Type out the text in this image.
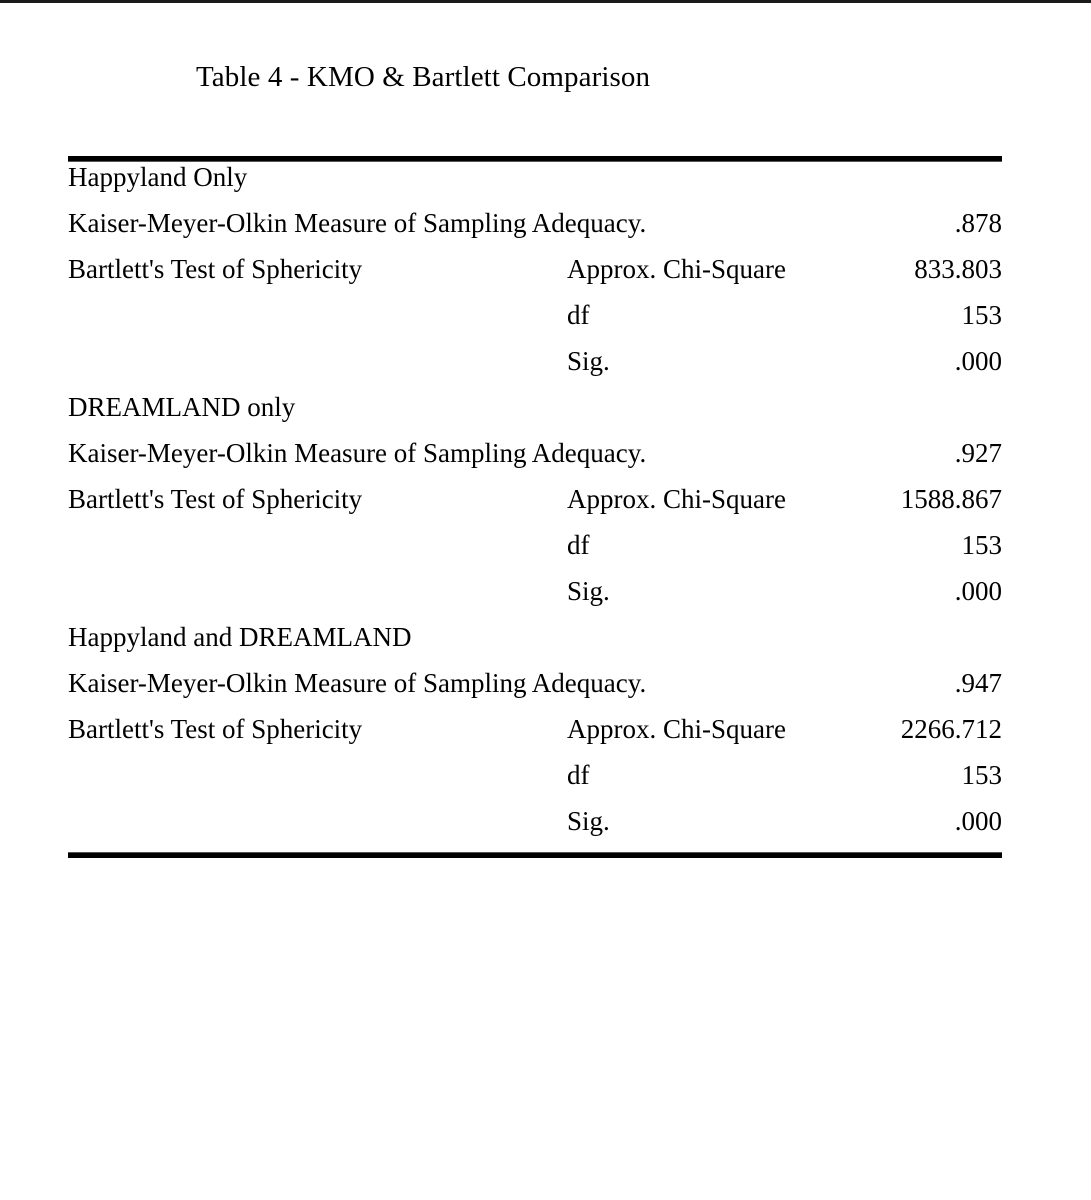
Table 4 - KMO & Bartlett Comparison
Happyland Only		
Kaiser-Meyer-Olkin Measure of Sampling Adequacy.		.878
Bartlett's Test of Sphericity	Approx. Chi-Square	833.803
	df	153
	Sig.	.000
DREAMLAND only		
Kaiser-Meyer-Olkin Measure of Sampling Adequacy.		.927
Bartlett's Test of Sphericity	Approx. Chi-Square	1588.867
	df	153
	Sig.	.000
Happyland and DREAMLAND		
Kaiser-Meyer-Olkin Measure of Sampling Adequacy.		.947
Bartlett's Test of Sphericity	Approx. Chi-Square	2266.712
	df	153
	Sig.	.000
